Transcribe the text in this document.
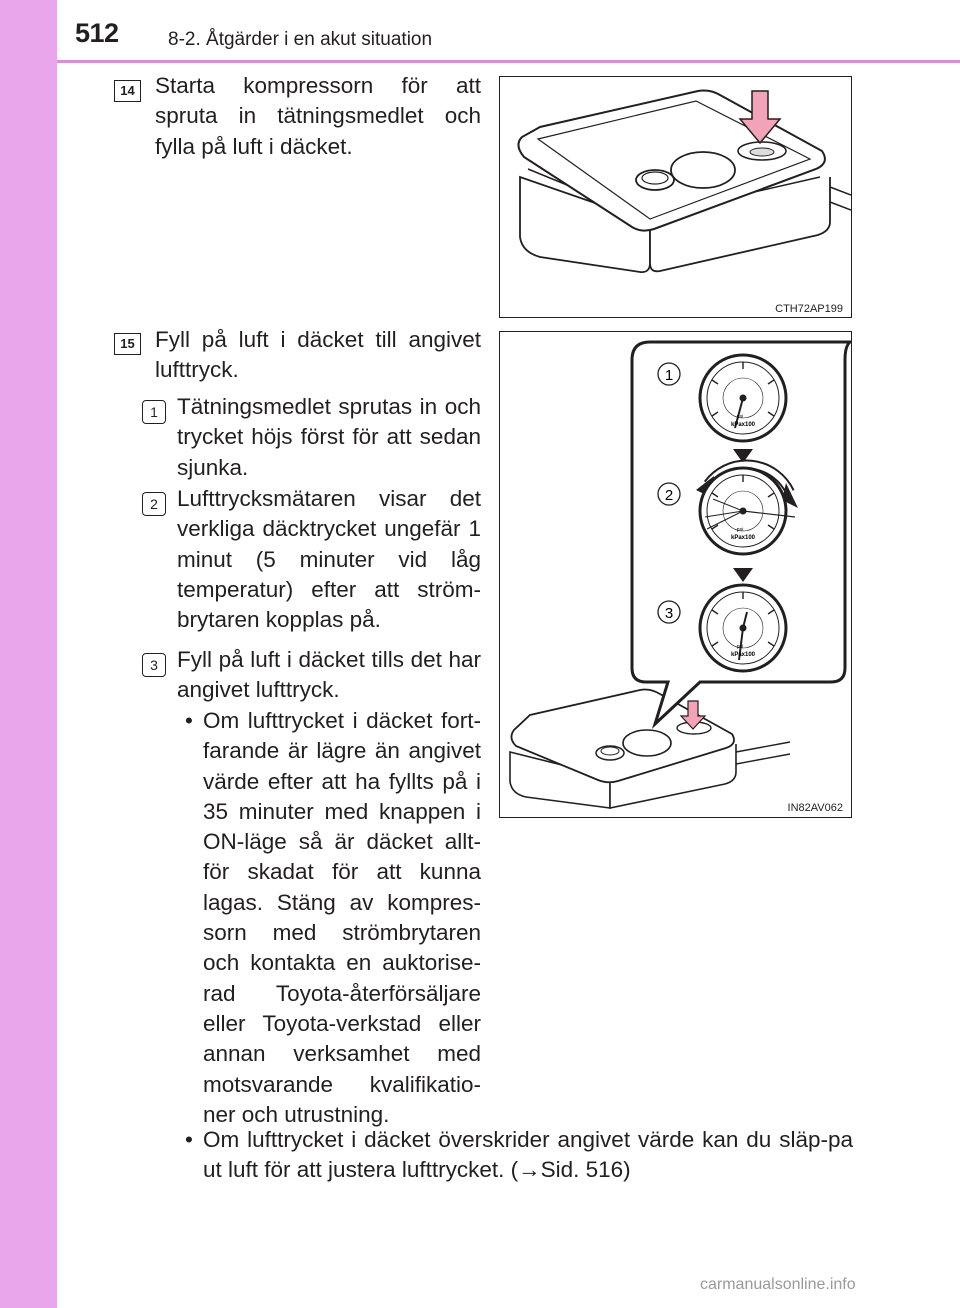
512	8-2. Åtgärder i en akut situation
14 Starta kompressorn för att spruta in tätningsmedlet och fylla på luft i däcket.

CTH72AP199
15 Fyll på luft i däcket till angivet lufttryck.

1 Tätningsmedlet sprutas in och trycket höjs först för att sedan sjunka.

2 Lufttrycksmätaren visar det verkliga däcktrycket ungefär 1 minut (5 minuter vid låg temperatur) efter att ström-brytaren kopplas på.

3 Fyll på luft i däcket tills det har angivet lufttryck.

• Om lufttrycket i däcket fort-farande är lägre än angivet värde efter att ha fyllts på i 35 minuter med knappen i ON-läge så är däcket allt-för skadat för att kunna lagas. Stäng av kompres-sorn med strömbrytaren och kontakta en auktorise-rad Toyota-återförsäljare eller Toyota-verkstad eller annan verksamhet med motsvarande kvalifikatio-ner och utrustning.

• Om lufttrycket i däcket överskrider angivet värde kan du släp-pa ut luft för att justera lufttrycket. (→Sid. 516)

kPax100
psi
kPax100
psi
kPax100
psi
1
2
3
IN82AV062
carmanualsonline.info
